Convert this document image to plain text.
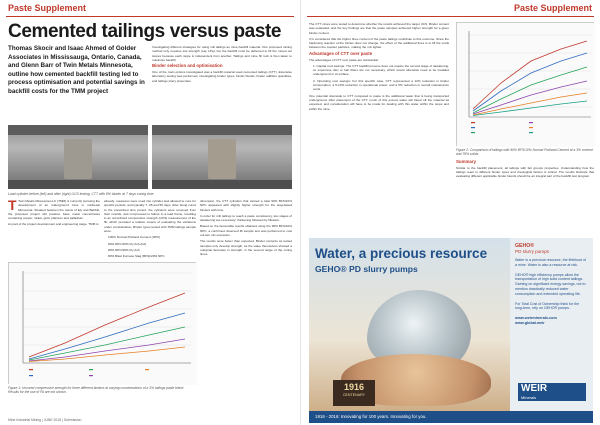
Paste Supplement
Cemented tailings versus paste

Thomas Skocir and Isaac Ahmed of Golder Associates in Mississauga, Ontario, Canada, and Glenn Barr of Twin Metals Minnesota, outline how cemented backfill testing led to process optimisation and potential savings in backfill costs for the TMM project

Investigating different strategies for using mill tailings as mine backfill material. One proposed mining method only requires low strength (say 1Pa), but the backfill must be delivered to fill the mined out stopes because each stope is independent from another. Tailings and mine fill rock is then taken to maximise backfill.

Binder selection and optimisation

One of the main options investigated was a backfill material used cemented tailings (CTT). Extensive laboratory testing was performed, investigating binder types, binder blends, binder addition quantities, and tailings slurry properties.

Load cylinder before (left) and after (right) UCS testing, CTT with 8% binder at 7 days curing time

T Twin Metals Minnesota LLC (TMM) is currently pursuing the development of an underground mine in northeast Minnesota. Situated between the towns of Ely and Babbitt, the proposed project will produce base metal concentrates containing copper, nickel, gold, platinum and palladium.

As part of the project development and engineering stage, TMM is

already: measures were used into cylinder and allowed to cure for specific periods, and typically 7, 28 and 56 days. After being cured to the prescribed time period, the cylinders were removed from their moulds, and compressed to failure in a load frame, resulting in an unconfined compressive strength (UCS) measurement of the fill, which provided a relative means of evaluating the variations under consideration. Binder types tested with TMM tailings sample were:

100% Normal Portland Cement (NPC)

90% NPC/10% Fly Ash (FA)

80% NPC/20% Fly Ash

80% Blast Furnace Slag (BFS)/20% NPC

dimension, the CTT cylinders that carried a total 90% BFS/10% NPC appeared with slightly higher strength for the slag-based binders with time.

In order for mill tailings to reach a paste consistency, two stages of dewatering are necessary: thickening followed by filtration.

Based on the favourable results obtained using the 90% BFS/10% NPC, a confirmed observed fill sample test was performed to cost out two mix scenarios.

The results were better than expected. Binder contents as tested samples only develop strength, as the value themselves showed a marginal decrease in strength, in the second range of the curing times.

Figure 1: Uncured compressive strength for three different binders at varying concentrations of a 3% tailings paste blend. Results for the use of FA are not shown.
Mine Industrial Mining | JUNE 2016 | Submission
Paste Supplement

The CTT mixes were tested to determine whether the results achieved the target UCS. Binder content was evaluated, and the key findings are that the paste samples achieved higher strength for a given binder content.

It is considered that the higher fines content of the paste tailings contribute to this outcome. Since the hardening reaction of the binder does not change, the effect of the additional fines is to fill the voids between the coarser particles, making the mix tighter.

Advantages of CTT over paste

The advantages of CTT over paste are substantial:

1. Capital cost savings: The CTT backfill process does not require the second stage of dewatering, so expensive disc or belt filters are not necessary, which would otherwise need to be installed underground or at surface.

2. Operating cost savings: For this specific case, CTT represented a 12% reduction in binder consumption, a 5-10% reduction in operational power, and a 5% reduction in overall maintenance costs.

One potential downside to CTT compared to paste is the additional water that is being transported underground. After placement of the CTT, much of this excess water will bleed off the material as expected, and consideration will have to be made for dealing with this water within the stope and within the mine.

Figure 2: Comparison of tailings with 90% BFS/10% Normal Portland Cement at a 3% content and 78% solids
Summary

Similar to the backfill placement, all tailings with fair groups properties. Understanding how the tailings react to different binder types and rheological factors is critical. The results illustrate that evaluating different applicable binder blends should be an integral part of the backfill test program.

Water, a precious resource
GEHO® PD slurry pumps
1916
CENTENARY
GEHO®
PD slurry pumps

Water is a precious resource, the lifeblood of a mine. Water is also a resource at risk.

GEHO® high efficiency pumps allow the transportation of high solid content tailings. Gaining on significant energy savings, not to mention drastically reduced water consumption and extended operating life.

For Total Cost of Ownership think for the long-term, rely on GEHO® pumps.

www.weirminerals.com
www.global.weir
WEIR
Minerals
1916 - 2016: Innovating for 100 years. Innovating for you.
